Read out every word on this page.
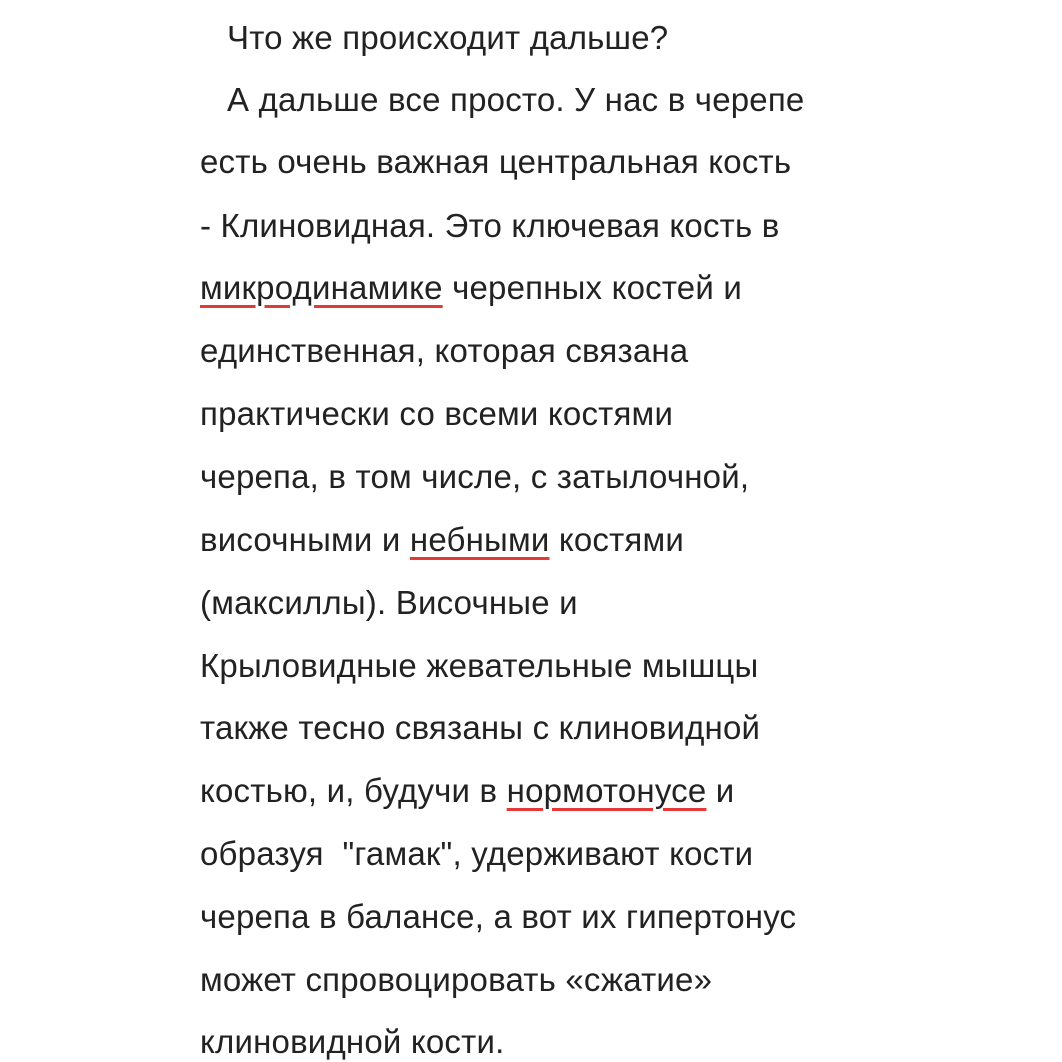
Что же происходит дальше?
А дальше все просто. У нас в черепе
есть очень важная центральная кость
- Клиновидная. Это ключевая кость в
микродинамике черепных костей и
единственная, которая связана
практически со всеми костями
черепа, в том числе, с затылочной,
височными и небными костями
(максиллы). Височные и
Крыловидные жевательные мышцы
также тесно связаны с клиновидной
костью, и, будучи в нормотонусе и
образуя  "гамак", удерживают кости
черепа в балансе, а вот их гипертонус
может спровоцировать «сжатие»
клиновидной кости.
